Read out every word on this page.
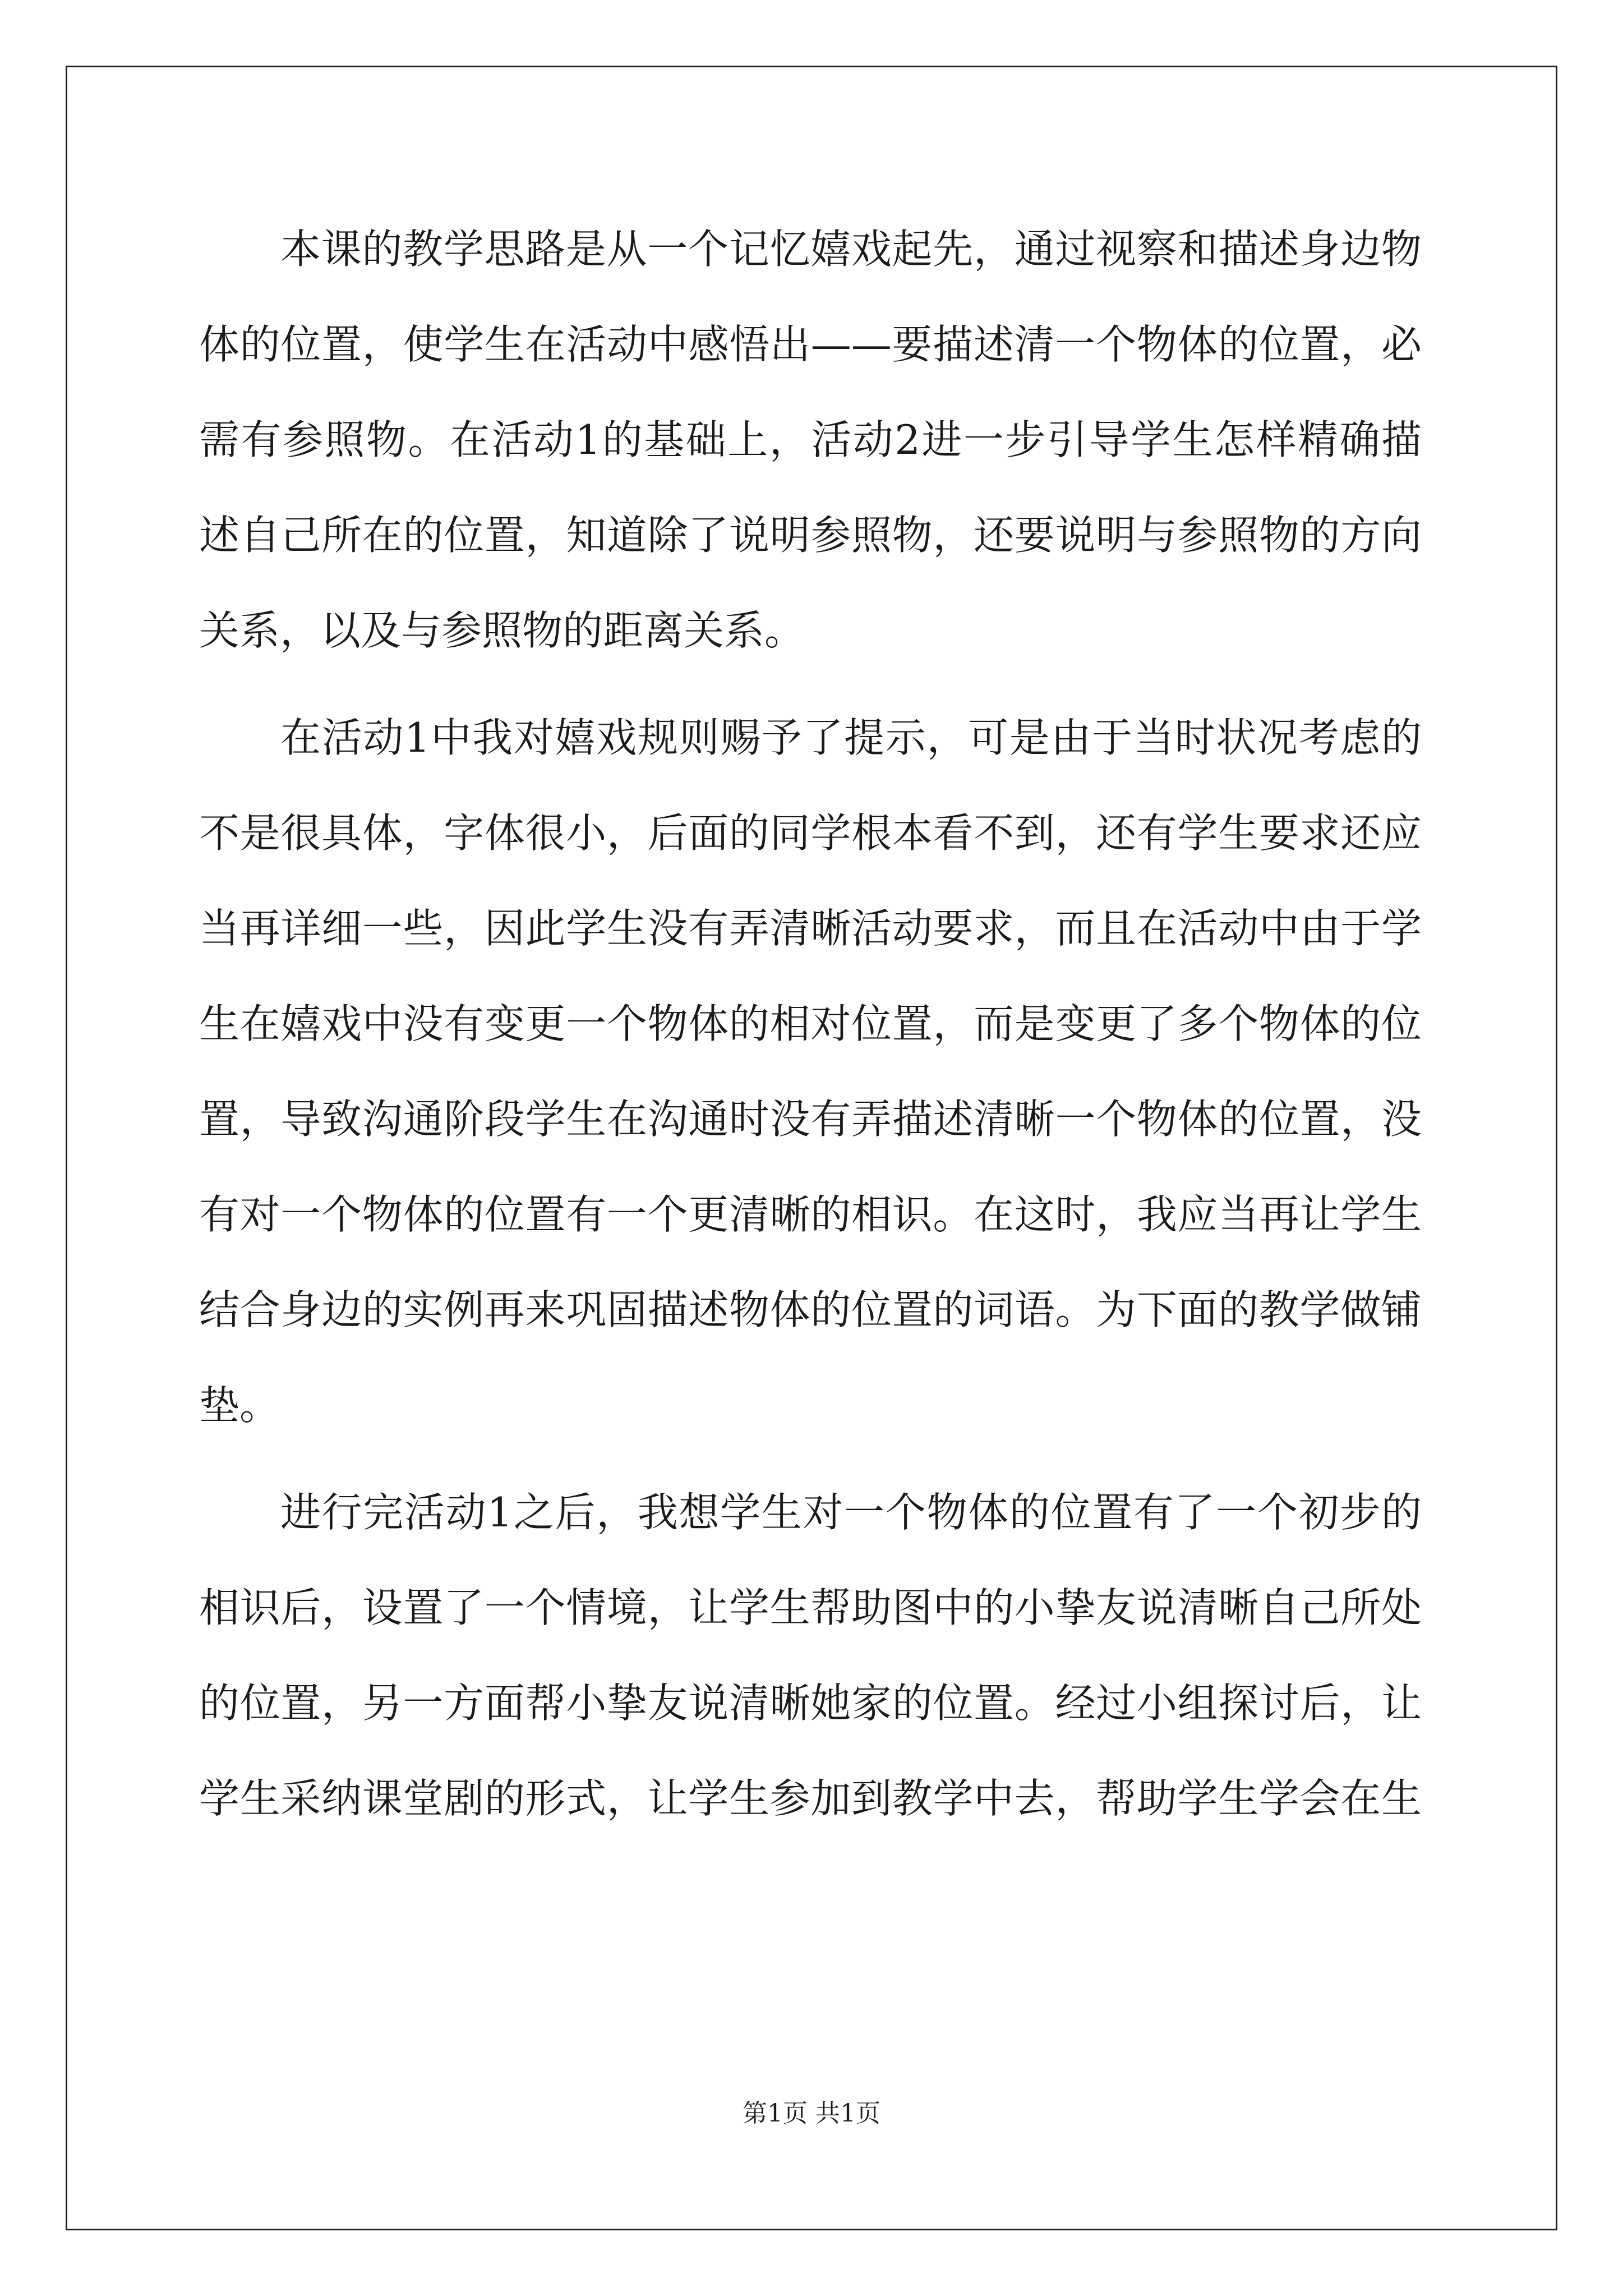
本课的教学思路是从一个记忆嬉戏起先，通过视察和描述身边物

体的位置，使学生在活动中感悟出——要描述清一个物体的位置，必

需有参照物。在活动1的基础上，活动2进一步引导学生怎样精确描

述自己所在的位置，知道除了说明参照物，还要说明与参照物的方向

关系，以及与参照物的距离关系。

在活动1中我对嬉戏规则赐予了提示，可是由于当时状况考虑的

不是很具体，字体很小，后面的同学根本看不到，还有学生要求还应

当再详细一些，因此学生没有弄清晰活动要求，而且在活动中由于学

生在嬉戏中没有变更一个物体的相对位置，而是变更了多个物体的位

置，导致沟通阶段学生在沟通时没有弄描述清晰一个物体的位置，没

有对一个物体的位置有一个更清晰的相识。在这时，我应当再让学生

结合身边的实例再来巩固描述物体的位置的词语。为下面的教学做铺

垫。

进行完活动1之后，我想学生对一个物体的位置有了一个初步的

相识后，设置了一个情境，让学生帮助图中的小挚友说清晰自己所处

的位置，另一方面帮小挚友说清晰她家的位置。经过小组探讨后，让

学生采纳课堂剧的形式，让学生参加到教学中去，帮助学生学会在生

第1页 共1页
